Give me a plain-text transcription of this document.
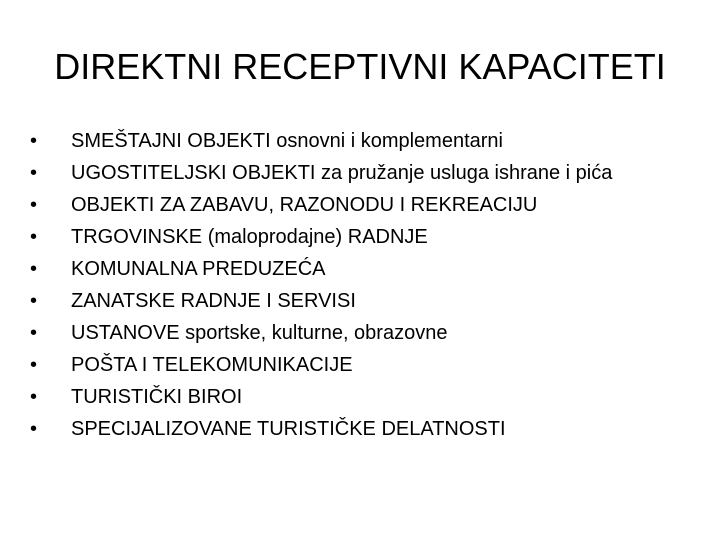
DIREKTNI RECEPTIVNI KAPACITETI
•	SMEŠTAJNI OBJEKTI osnovni i komplementarni
•	UGOSTITELJSKI OBJEKTI za pružanje usluga ishrane i pića
•	OBJEKTI ZA ZABAVU, RAZONODU I REKREACIJU
•	TRGOVINSKE (maloprodajne) RADNJE
•	KOMUNALNA PREDUZEĆA
•	ZANATSKE RADNJE I SERVISI
•	USTANOVE sportske, kulturne, obrazovne
•	POŠTA I TELEKOMUNIKACIJE
•	TURISTIČKI BIROI
•	SPECIJALIZOVANE TURISTIČKE DELATNOSTI
